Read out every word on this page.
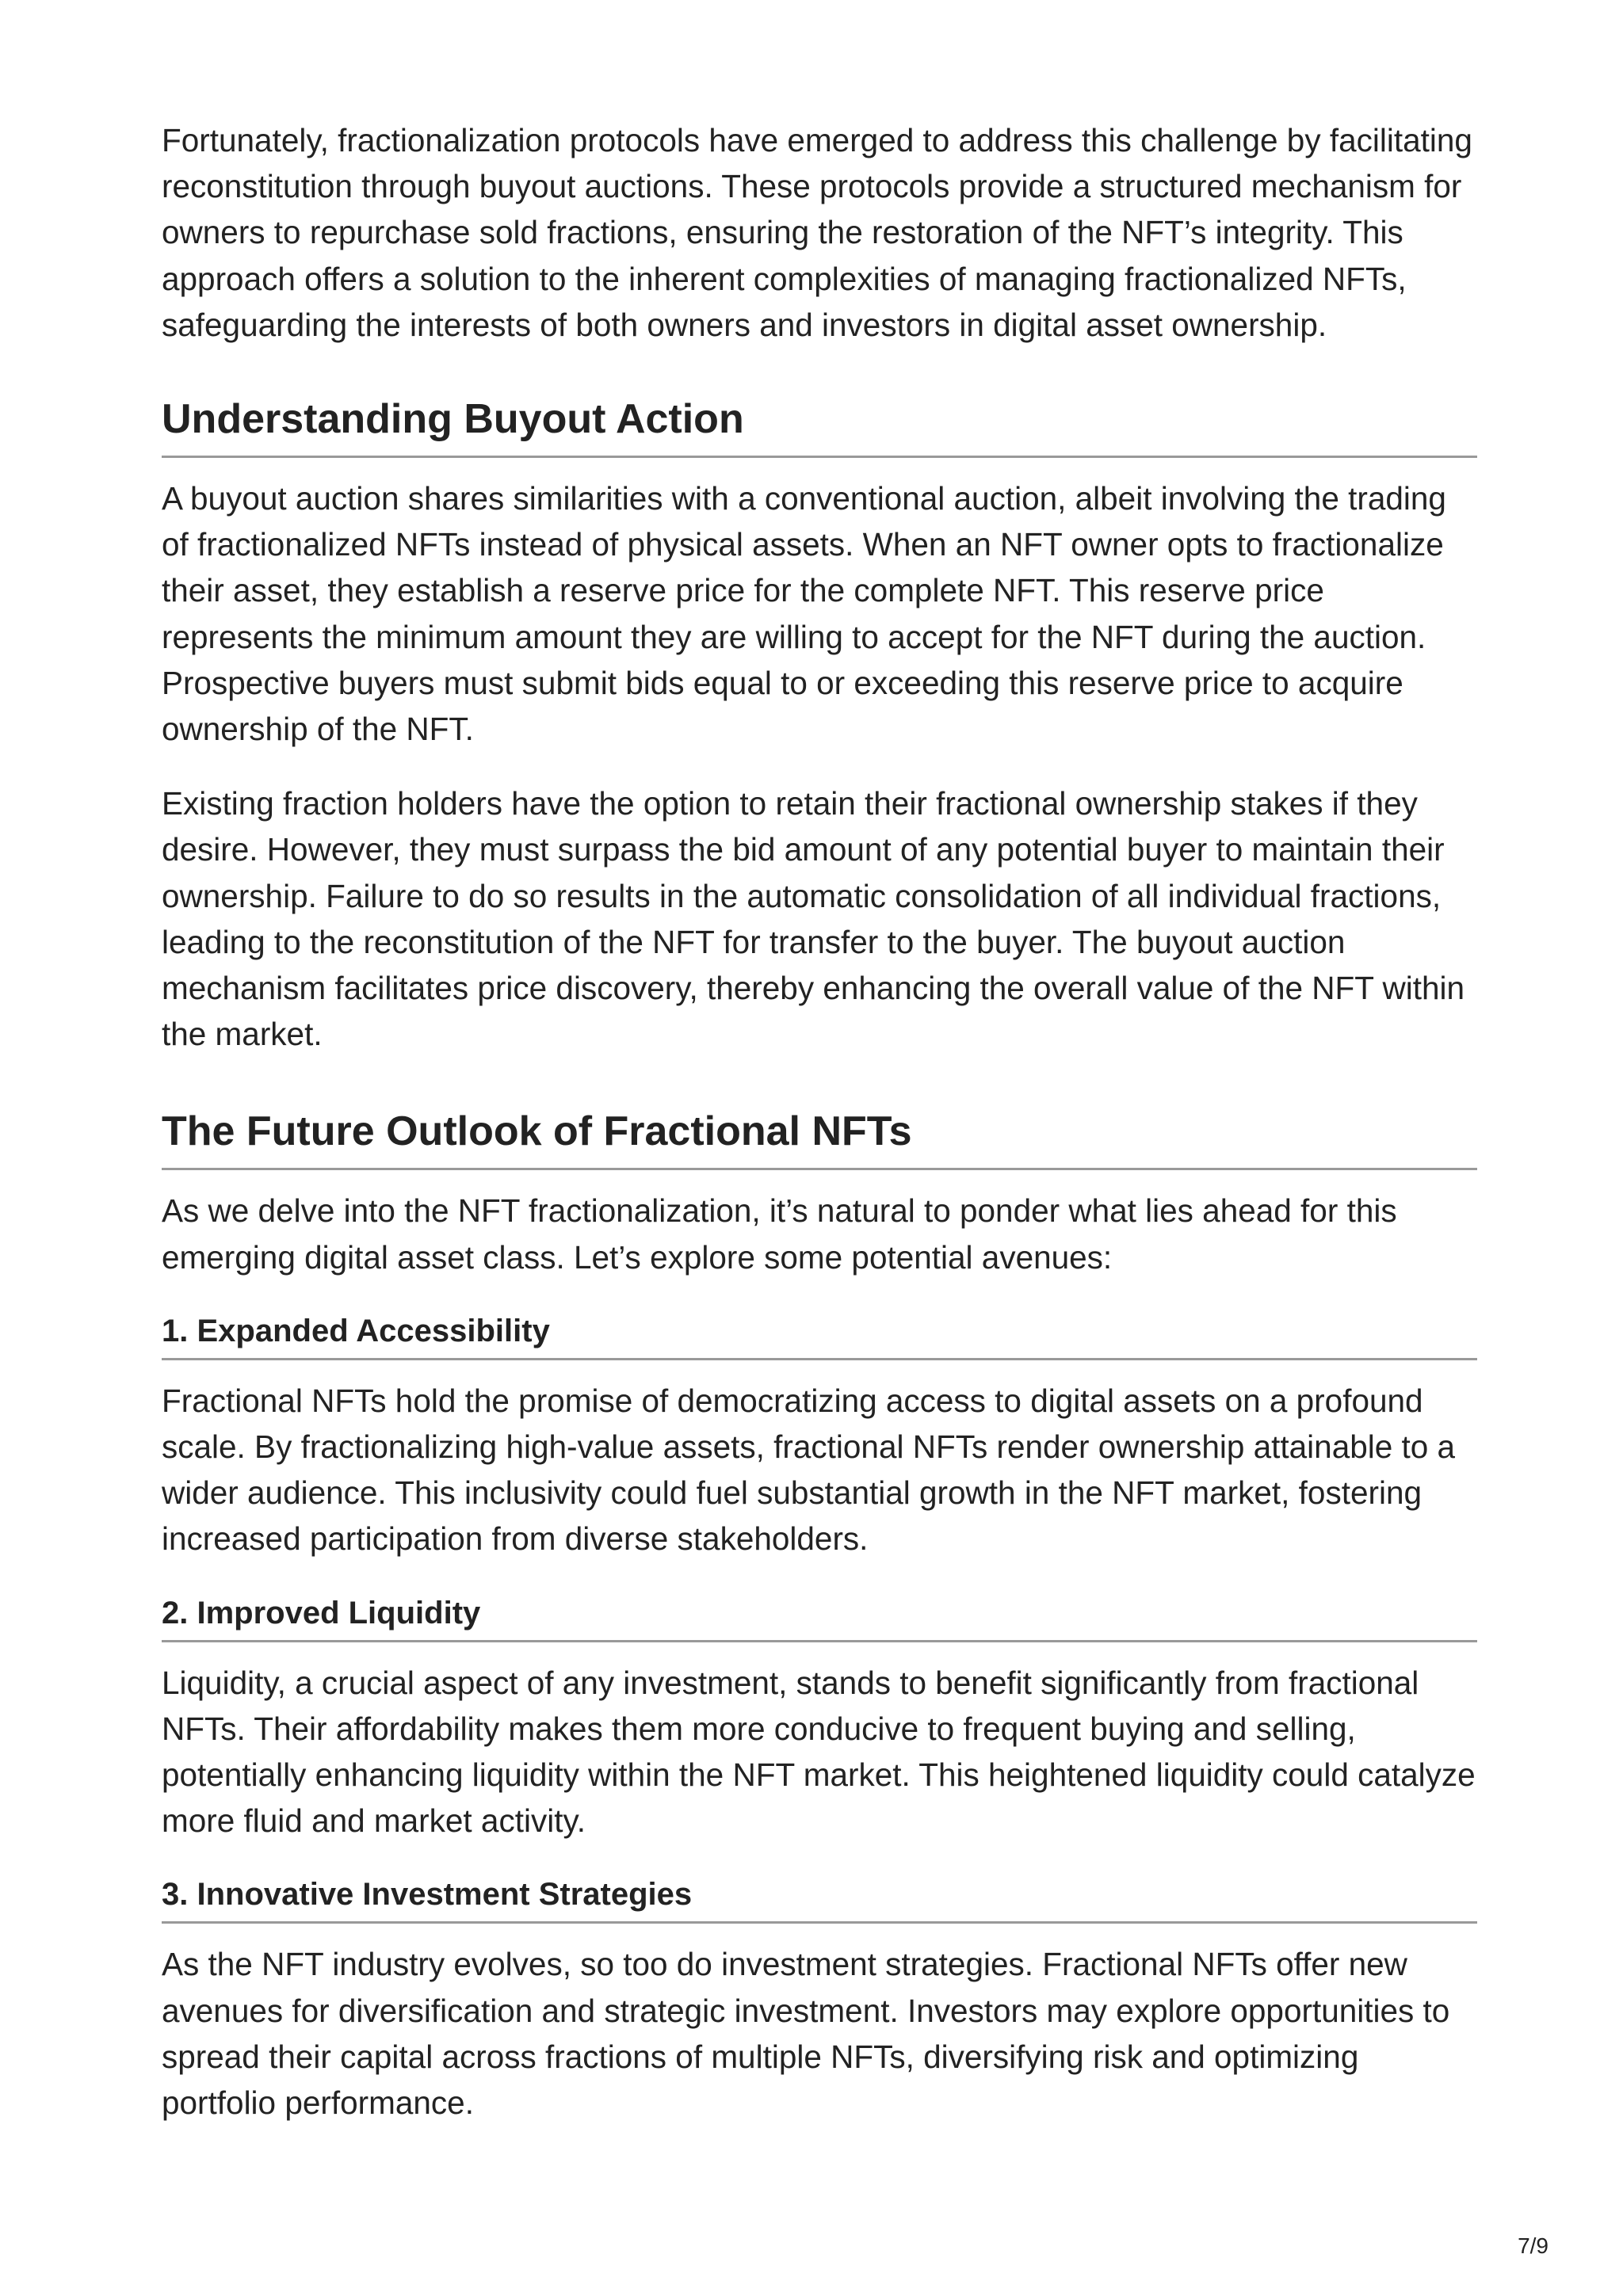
Fortunately, fractionalization protocols have emerged to address this challenge by facilitating reconstitution through buyout auctions. These protocols provide a structured mechanism for owners to repurchase sold fractions, ensuring the restoration of the NFT’s integrity. This approach offers a solution to the inherent complexities of managing fractionalized NFTs, safeguarding the interests of both owners and investors in digital asset ownership.

Understanding Buyout Action

A buyout auction shares similarities with a conventional auction, albeit involving the trading of fractionalized NFTs instead of physical assets. When an NFT owner opts to fractionalize their asset, they establish a reserve price for the complete NFT. This reserve price represents the minimum amount they are willing to accept for the NFT during the auction. Prospective buyers must submit bids equal to or exceeding this reserve price to acquire ownership of the NFT.

Existing fraction holders have the option to retain their fractional ownership stakes if they desire. However, they must surpass the bid amount of any potential buyer to maintain their ownership. Failure to do so results in the automatic consolidation of all individual fractions, leading to the reconstitution of the NFT for transfer to the buyer. The buyout auction mechanism facilitates price discovery, thereby enhancing the overall value of the NFT within the market.

The Future Outlook of Fractional NFTs

As we delve into the NFT fractionalization, it’s natural to ponder what lies ahead for this emerging digital asset class. Let’s explore some potential avenues:

1. Expanded Accessibility

Fractional NFTs hold the promise of democratizing access to digital assets on a profound scale. By fractionalizing high-value assets, fractional NFTs render ownership attainable to a wider audience. This inclusivity could fuel substantial growth in the NFT market, fostering increased participation from diverse stakeholders.

2. Improved Liquidity

Liquidity, a crucial aspect of any investment, stands to benefit significantly from fractional NFTs. Their affordability makes them more conducive to frequent buying and selling, potentially enhancing liquidity within the NFT market. This heightened liquidity could catalyze more fluid and market activity.

3. Innovative Investment Strategies

As the NFT industry evolves, so too do investment strategies. Fractional NFTs offer new avenues for diversification and strategic investment. Investors may explore opportunities to spread their capital across fractions of multiple NFTs, diversifying risk and optimizing portfolio performance.

7/9
